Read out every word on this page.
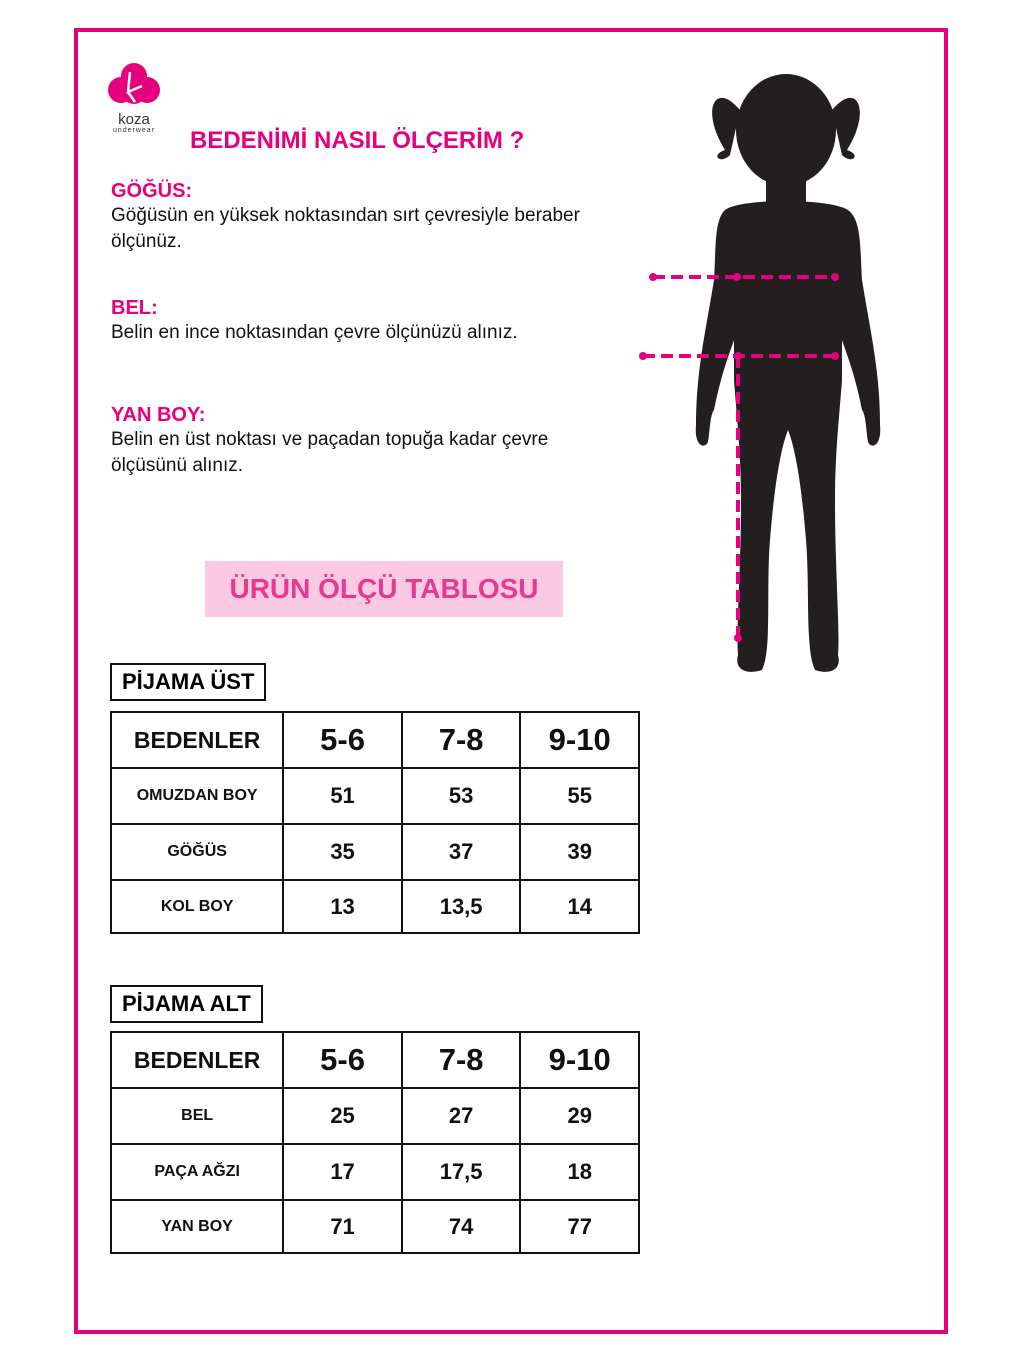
koza
underwear BEDENİMİ NASIL ÖLÇERİM ?
GÖĞÜS:
Göğüsün en yüksek noktasından sırt çevresiyle beraber ölçünüz.
BEL:
Belin en ince noktasından çevre ölçünüzü alınız.
YAN BOY:
Belin en üst noktası ve paçadan topuğa kadar çevre ölçüsünü alınız.
ÜRÜN ÖLÇÜ TABLOSU
PİJAMA ÜST
BEDENLER	5-6	7-8	9-10
OMUZDAN BOY	51	53	55
GÖĞÜS	35	37	39
KOL BOY	13	13,5	14
PİJAMA ALT
BEDENLER	5-6	7-8	9-10
BEL	25	27	29
PAÇA AĞZI	17	17,5	18
YAN BOY	71	74	77
